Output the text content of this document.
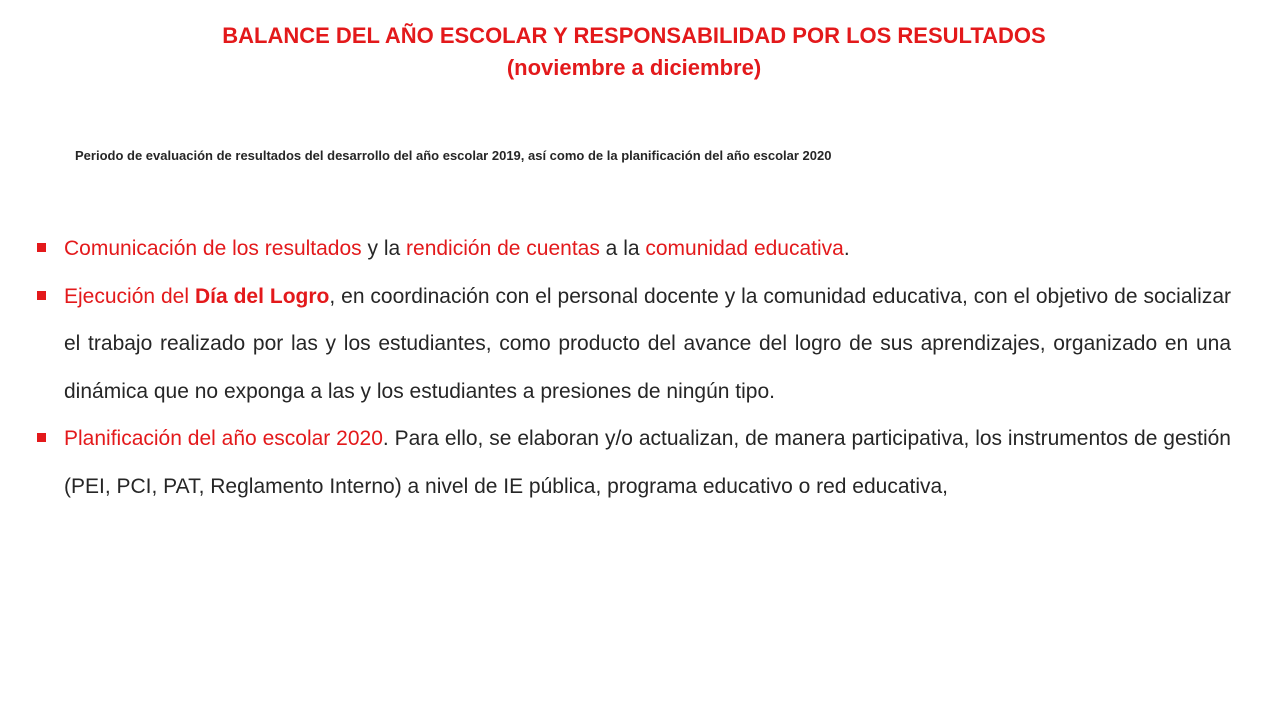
BALANCE DEL AÑO ESCOLAR Y RESPONSABILIDAD POR LOS RESULTADOS
(noviembre a diciembre)
Periodo de evaluación de resultados del desarrollo del año escolar 2019, así como de la planificación del año escolar 2020
Comunicación de los resultados y la rendición de cuentas a la comunidad educativa.
Ejecución del Día del Logro, en coordinación con el personal docente y la comunidad educativa, con el objetivo de socializar el trabajo realizado por las y los estudiantes, como producto del avance del logro de sus aprendizajes, organizado en una dinámica que no exponga a las y los estudiantes a presiones de ningún tipo.
Planificación del año escolar 2020. Para ello, se elaboran y/o actualizan, de manera participativa, los instrumentos de gestión (PEI, PCI, PAT, Reglamento Interno) a nivel de IE pública, programa educativo o red educativa,
